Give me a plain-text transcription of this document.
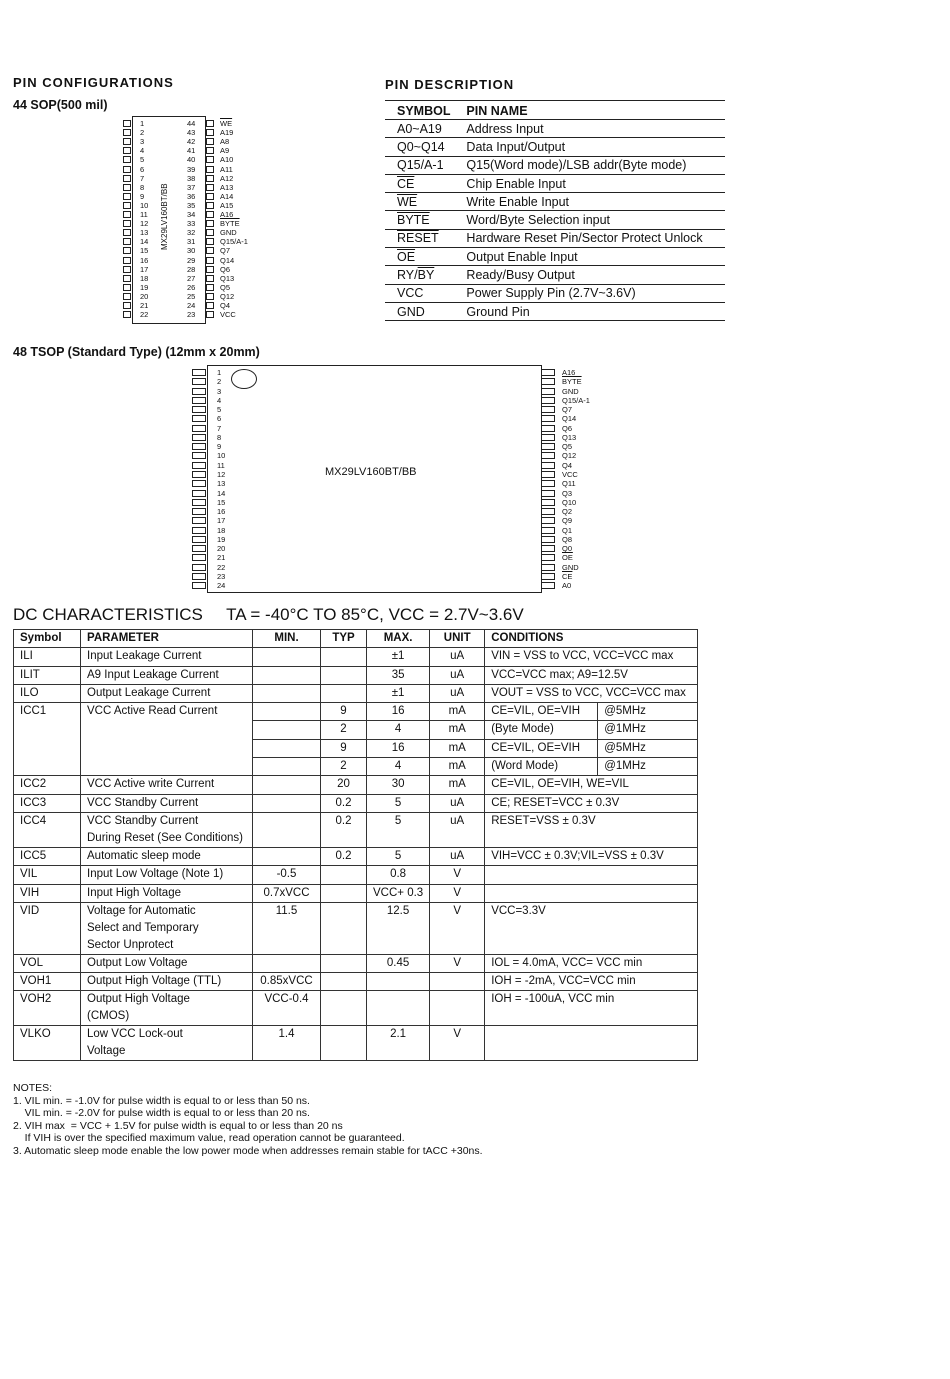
PIN CONFIGURATIONS
44 SOP(500 mil)
PIN DESCRIPTION
MX29LV160BT/BB
1
2
3
4
5
6
7
8
9
10
11
12
13
14
15
16
17
18
19
20
21
22
$\overline{WE}$
44
A19
43
A8
42
A9
41
A10
40
A11
39
A12
38
A13
37
A14
36
A15
35
A16
34
BYTE
33
GND
32
Q15/A-1
31
Q7
30
Q14
29
Q6
28
Q13
27
Q5
26
Q12
25
Q4
24
VCC
23
SYMBOL	PIN NAME
A0~A19	Address Input
Q0~Q14	Data Input/Output
Q15/A-1	Q15(Word mode)/LSB addr(Byte mode)
$\overline{CE}$	Chip Enable Input
$\overline{WE}$	Write Enable Input
BYTE	Word/Byte Selection input
RESET	Hardware Reset Pin/Sector Protect Unlock
$\overline{OE}$	Output Enable Input
$RY/\overline{BY}$	Ready/Busy Output
VCC	Power Supply Pin (2.7V~3.6V)
GND	Ground Pin
48 TSOP (Standard Type) (12mm x 20mm)
MX29LV160BT/BB
1
2
3
4
5
6
7
8
9
10
11
12
13
14
15
16
17
18
19
20
21
22
23
24
A16
BYTE
GND
Q15/A-1
Q7
Q14
Q6
Q13
Q5
Q12
Q4
VCC
Q11
Q3
Q10
Q2
Q9
Q1
Q8
Q0
$\overline{OE}$
GND
$\overline{CE}$
A0
DC CHARACTERISTICS     TA = -40°C TO 85°C, VCC = 2.7V~3.6V
Symbol	PARAMETER	MIN.	TYP	MAX.	UNIT	CONDITIONS	
ILI	Input Leakage Current			±1	uA	VIN = VSS to VCC, VCC=VCC max	
ILIT	A9 Input Leakage Current			35	uA	VCC=VCC max; A9=12.5V	
ILO	Output Leakage Current			±1	uA	VOUT = VSS to VCC, VCC=VCC max	
ICC1	VCC Active Read Current		9	16	mA	CE=VIL, OE=VIH	@5MHz
			2	4	mA	(Byte Mode)	@1MHz
			9	16	mA	CE=VIL, OE=VIH	@5MHz
			2	4	mA	(Word Mode)	@1MHz
ICC2	VCC Active write Current		20	30	mA	CE=VIL, OE=VIH, WE=VIL	
ICC3	VCC Standby Current		0.2	5	uA	CE; RESET=VCC ± 0.3V	
ICC4	VCC Standby Current
During Reset (See Conditions)		0.2	5	uA	RESET=VSS ± 0.3V	
ICC5	Automatic sleep mode		0.2	5	uA	VIH=VCC ± 0.3V;VIL=VSS ± 0.3V	
VIL	Input Low Voltage (Note 1)	-0.5		0.8	V		
VIH	Input High Voltage	0.7xVCC		VCC+ 0.3	V		
VID	Voltage for Automatic
Select and Temporary
Sector Unprotect	11.5		12.5	V	VCC=3.3V	
VOL	Output Low Voltage			0.45	V	IOL = 4.0mA, VCC= VCC min	
VOH1	Output High Voltage (TTL)	0.85xVCC				IOH = -2mA, VCC=VCC min	
VOH2	Output High Voltage
(CMOS)	VCC-0.4				IOH = -100uA, VCC min	
VLKO	Low VCC Lock-out
Voltage	1.4		2.1	V		
NOTES:
1. VIL min. = -1.0V for pulse width is equal to or less than 50 ns.
VIL min. = -2.0V for pulse width is equal to or less than 20 ns.
2. VIH max  = VCC + 1.5V for pulse width is equal to or less than 20 ns
If VIH is over the specified maximum value, read operation cannot be guaranteed.
3. Automatic sleep mode enable the low power mode when addresses remain stable for tACC +30ns.
